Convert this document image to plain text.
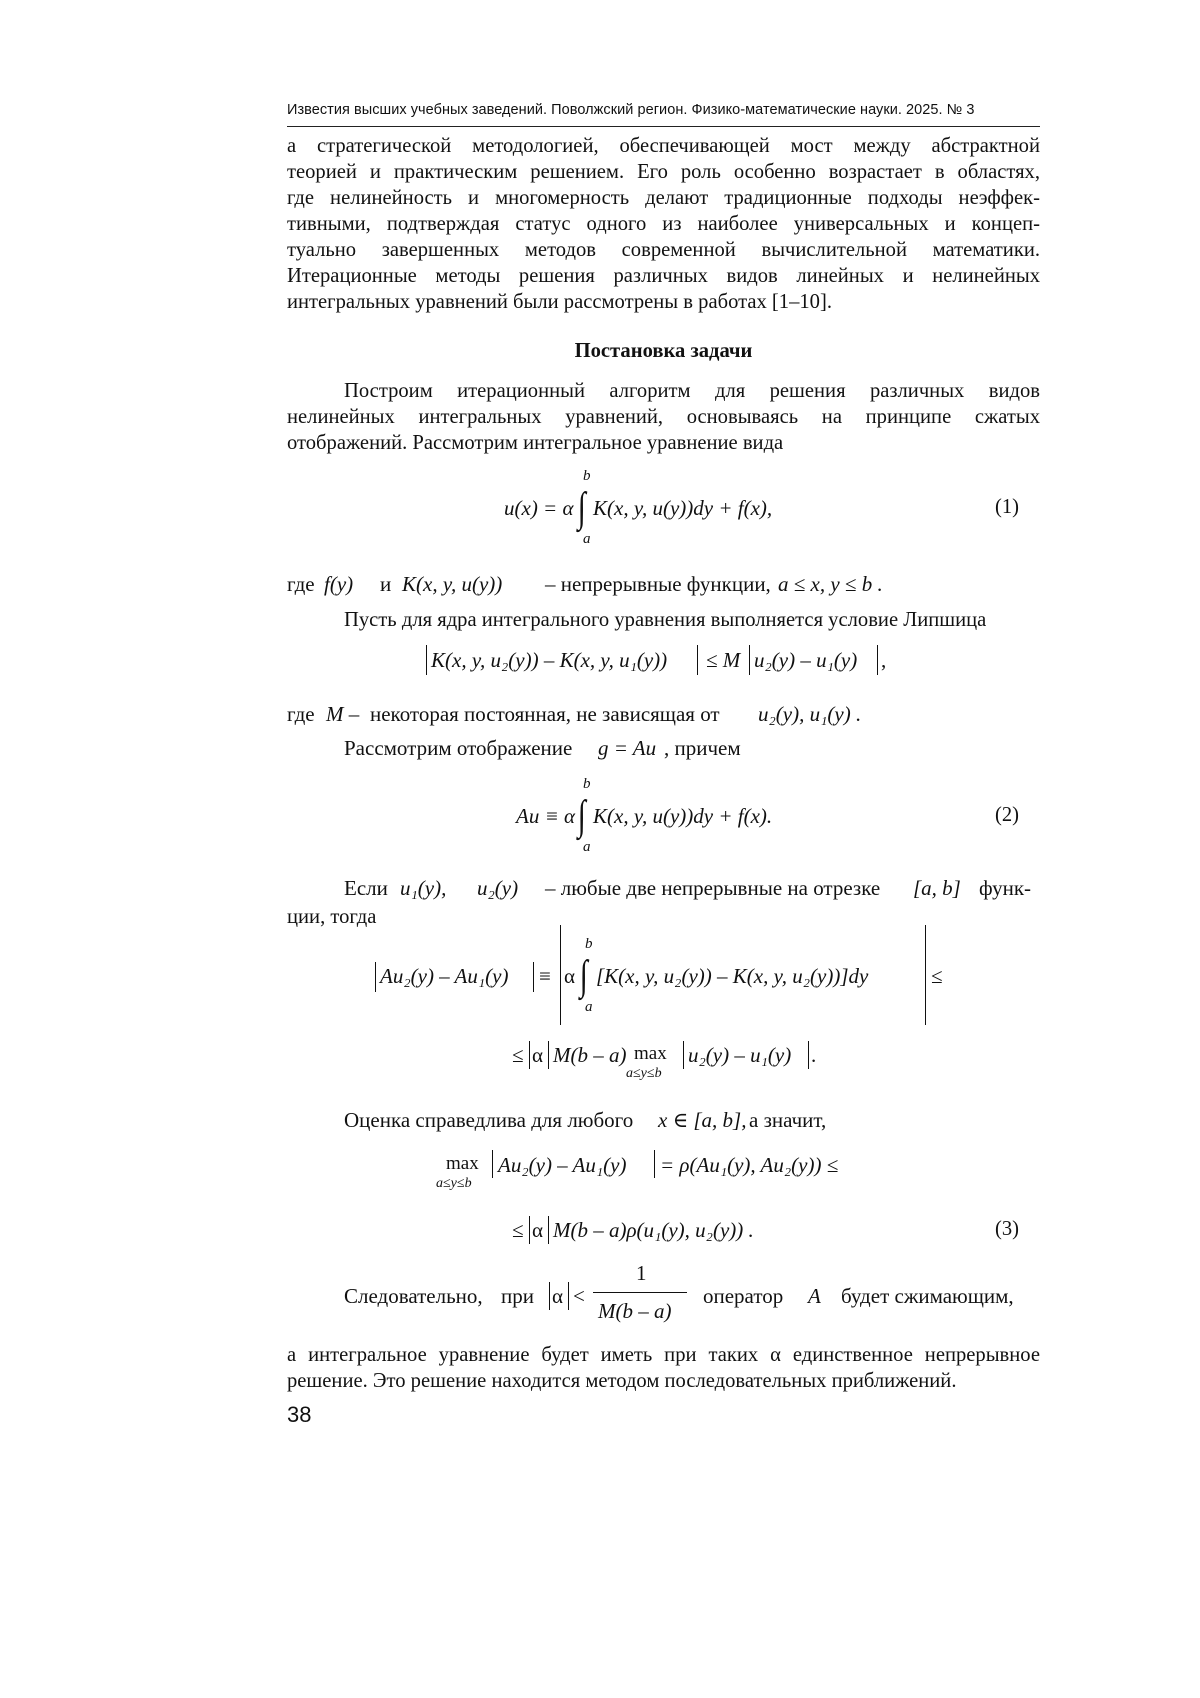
Известия высших учебных заведений. Поволжский регион. Физико-математические науки. 2025. № 3
а стратегической методологией, обеспечивающей мост между абстрактной
теорией и практическим решением. Его роль особенно возрастает в областях,
где нелинейность и многомерность делают традиционные подходы неэффек-
тивными, подтверждая статус одного из наиболее универсальных и концеп-
туально завершенных методов современной вычислительной математики.
Итерационные методы решения различных видов линейных и нелинейных
интегральных уравнений были рассмотрены в работах [1–10].
Постановка задачи
Построим итерационный алгоритм для решения различных видов
нелинейных интегральных уравнений, основываясь на принципе сжатых
отображений. Рассмотрим интегральное уравнение вида
u(x) = α
b
∫
a
K(x, y, u(y))dy + f(x),	(1)
где f(y) и K(x, y, u(y)) – непрерывные функции, a ≤ x, y ≤ b .
Пусть для ядра интегрального уравнения выполняется условие Липшица
K(x, y, u₂(y)) – K(x, y, u₁(y)) ≤ M u₂(y) – u₁(y) ,
где M – некоторая постоянная, не зависящая от u₂(y), u₁(y) .
Рассмотрим отображение g = Au , причем
Au ≡ α
b
∫
a
K(x, y, u(y))dy + f(x).	(2)
Если u₁(y), u₂(y) – любые две непрерывные на отрезке [a, b] функ-
ции, тогда
Au₂(y) – Au₁(y) ≡ α
b
∫
a
[K(x, y, u₂(y)) – K(x, y, u₂(y))]dy	≤
≤ α M(b – a) max
a≤y≤b
u₂(y) – u₁(y) .
Оценка справедлива для любого x ∈ [a, b], а значит,
max
a≤y≤b
Au₂(y) – Au₁(y) = ρ(Au₁(y), Au₂(y)) ≤
≤ α M(b – a)ρ(u₁(y), u₂(y)) .	(3)
Следовательно, при α <
1
M(b – a)
оператор A будет сжимающим,
а интегральное уравнение будет иметь при таких α единственное непрерывное
решение. Это решение находится методом последовательных приближений.
38
